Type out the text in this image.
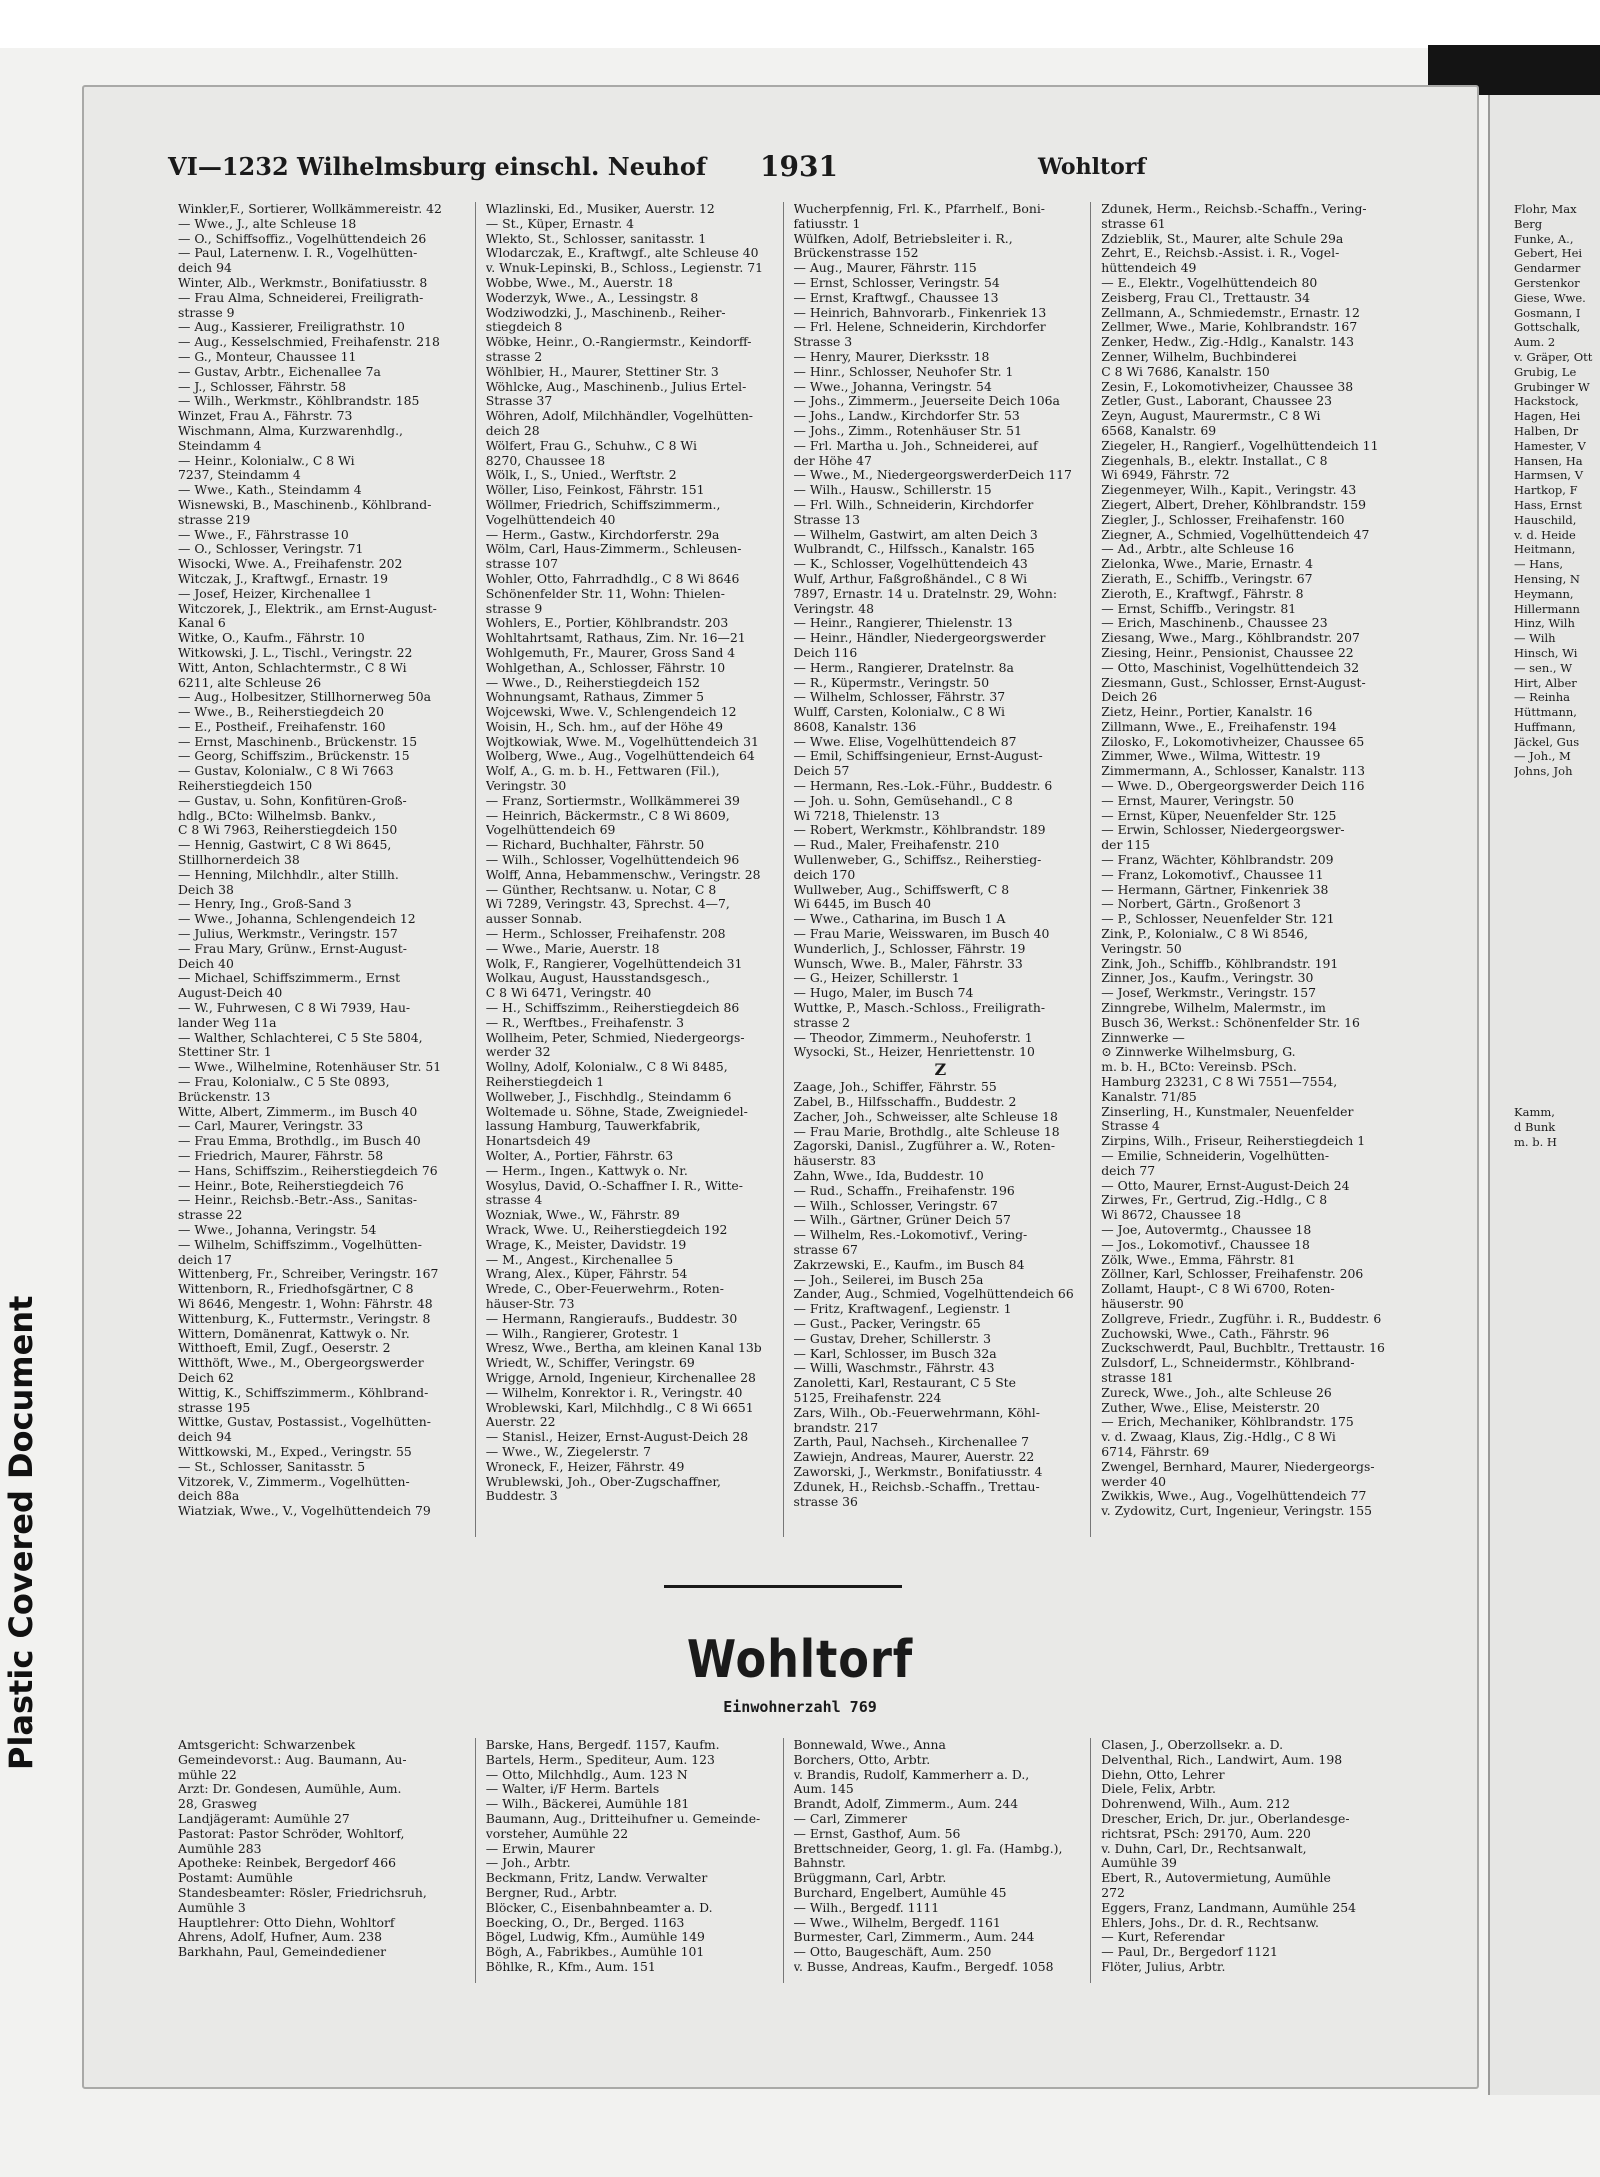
Plastic Covered Document
VI—1232 Wilhelmsburg einschl. Neuhof 1931	Wohltorf
Winkler,F., Sortierer, Wollkämmereistr. 42
— Wwe., J., alte Schleuse 18
— O., Schiffsoffiz., Vogelhüttendeich 26
— Paul, Laternenw. I. R., Vogelhütten-
deich 94
Winter, Alb., Werkmstr., Bonifatiusstr. 8
— Frau Alma, Schneiderei, Freiligrath-
strasse 9
— Aug., Kassierer, Freiligrathstr. 10
— Aug., Kesselschmied, Freihafenstr. 218
— G., Monteur, Chaussee 11
— Gustav, Arbtr., Eichenallee 7a
— J., Schlosser, Fährstr. 58
— Wilh., Werkmstr., Köhlbrandstr. 185
Winzet, Frau A., Fährstr. 73
Wischmann, Alma, Kurzwarenhdlg.,
Steindamm 4
— Heinr., Kolonialw., C 8 Wi
7237, Steindamm 4
— Wwe., Kath., Steindamm 4
Wisnewski, B., Maschinenb., Köhlbrand-
strasse 219
— Wwe., F., Fährstrasse 10
— O., Schlosser, Veringstr. 71
Wisocki, Wwe. A., Freihafenstr. 202
Witczak, J., Kraftwgf., Ernastr. 19
— Josef, Heizer, Kirchenallee 1
Witczorek, J., Elektrik., am Ernst-August-
Kanal 6
Witke, O., Kaufm., Fährstr. 10
Witkowski, J. L., Tischl., Veringstr. 22
Witt, Anton, Schlachtermstr., C 8 Wi
6211, alte Schleuse 26
— Aug., Holbesitzer, Stillhornerweg 50a
— Wwe., B., Reiherstiegdeich 20
— E., Postheif., Freihafenstr. 160
— Ernst, Maschinenb., Brückenstr. 15
— Georg, Schiffszim., Brückenstr. 15
— Gustav, Kolonialw., C 8 Wi 7663
Reiherstiegdeich 150
— Gustav, u. Sohn, Konfitüren-Groß-
hdlg., BCto: Wilhelmsb. Bankv.,
C 8 Wi 7963, Reiherstiegdeich 150
— Hennig, Gastwirt, C 8 Wi 8645,
Stillhornerdeich 38
— Henning, Milchhdlr., alter Stillh.
Deich 38
— Henry, Ing., Groß-Sand 3
— Wwe., Johanna, Schlengendeich 12
— Julius, Werkmstr., Veringstr. 157
— Frau Mary, Grünw., Ernst-August-
Deich 40
— Michael, Schiffszimmerm., Ernst
August-Deich 40
— W., Fuhrwesen, C 8 Wi 7939, Hau-
lander Weg 11a
— Walther, Schlachterei, C 5 Ste 5804,
Stettiner Str. 1
— Wwe., Wilhelmine, Rotenhäuser Str. 51
— Frau, Kolonialw., C 5 Ste 0893,
Brückenstr. 13
Witte, Albert, Zimmerm., im Busch 40
— Carl, Maurer, Veringstr. 33
— Frau Emma, Brothdlg., im Busch 40
— Friedrich, Maurer, Fährstr. 58
— Hans, Schiffszim., Reiherstiegdeich 76
— Heinr., Bote, Reiherstiegdeich 76
— Heinr., Reichsb.-Betr.-Ass., Sanitas-
strasse 22
— Wwe., Johanna, Veringstr. 54
— Wilhelm, Schiffszimm., Vogelhütten-
deich 17
Wittenberg, Fr., Schreiber, Veringstr. 167
Wittenborn, R., Friedhofsgärtner, C 8
Wi 8646, Mengestr. 1, Wohn: Fährstr. 48
Wittenburg, K., Futtermstr., Veringstr. 8
Wittern, Domänenrat, Kattwyk o. Nr.
Witthoeft, Emil, Zugf., Oeserstr. 2
Witthöft, Wwe., M., Obergeorgswerder
Deich 62
Wittig, K., Schiffszimmerm., Köhlbrand-
strasse 195
Wittke, Gustav, Postassist., Vogelhütten-
deich 94
Wittkowski, M., Exped., Veringstr. 55
— St., Schlosser, Sanitasstr. 5
Vitzorek, V., Zimmerm., Vogelhütten-
deich 88a
Wiatziak, Wwe., V., Vogelhüttendeich 79
Wlazlinski, Ed., Musiker, Auerstr. 12
— St., Küper, Ernastr. 4
Wlekto, St., Schlosser, sanitasstr. 1
Wlodarczak, E., Kraftwgf., alte Schleuse 40
v. Wnuk-Lepinski, B., Schloss., Legienstr. 71
Wobbe, Wwe., M., Auerstr. 18
Woderzyk, Wwe., A., Lessingstr. 8
Wodziwodzki, J., Maschinenb., Reiher-
stiegdeich 8
Wöbke, Heinr., O.-Rangiermstr., Keindorff-
strasse 2
Wöhlbier, H., Maurer, Stettiner Str. 3
Wöhlcke, Aug., Maschinenb., Julius Ertel-
Strasse 37
Wöhren, Adolf, Milchhändler, Vogelhütten-
deich 28
Wölfert, Frau G., Schuhw., C 8 Wi
8270, Chaussee 18
Wölk, I., S., Unied., Werftstr. 2
Wöller, Liso, Feinkost, Fährstr. 151
Wöllmer, Friedrich, Schiffszimmerm.,
Vogelhüttendeich 40
— Herm., Gastw., Kirchdorferstr. 29a
Wölm, Carl, Haus-Zimmerm., Schleusen-
strasse 107
Wohler, Otto, Fahrradhdlg., C 8 Wi 8646
Schönenfelder Str. 11, Wohn: Thielen-
strasse 9
Wohlers, E., Portier, Köhlbrandstr. 203
Wohltahrtsamt, Rathaus, Zim. Nr. 16—21
Wohlgemuth, Fr., Maurer, Gross Sand 4
Wohlgethan, A., Schlosser, Fährstr. 10
— Wwe., D., Reiherstiegdeich 152
Wohnungsamt, Rathaus, Zimmer 5
Wojcewski, Wwe. V., Schlengendeich 12
Woisin, H., Sch. hm., auf der Höhe 49
Wojtkowiak, Wwe. M., Vogelhüttendeich 31
Wolberg, Wwe., Aug., Vogelhüttendeich 64
Wolf, A., G. m. b. H., Fettwaren (Fil.),
Veringstr. 30
— Franz, Sortiermstr., Wollkämmerei 39
— Heinrich, Bäckermstr., C 8 Wi 8609,
Vogelhüttendeich 69
— Richard, Buchhalter, Fährstr. 50
— Wilh., Schlosser, Vogelhüttendeich 96
Wolff, Anna, Hebammenschw., Veringstr. 28
— Günther, Rechtsanw. u. Notar, C 8
Wi 7289, Veringstr. 43, Sprechst. 4—7,
ausser Sonnab.
— Herm., Schlosser, Freihafenstr. 208
— Wwe., Marie, Auerstr. 18
Wolk, F., Rangierer, Vogelhüttendeich 31
Wolkau, August, Hausstandsgesch.,
C 8 Wi 6471, Veringstr. 40
— H., Schiffszimm., Reiherstiegdeich 86
— R., Werftbes., Freihafenstr. 3
Wollheim, Peter, Schmied, Niedergeorgs-
werder 32
Wollny, Adolf, Kolonialw., C 8 Wi 8485,
Reiherstiegdeich 1
Wollweber, J., Fischhdlg., Steindamm 6
Woltemade u. Söhne, Stade, Zweigniedel-
lassung Hamburg, Tauwerkfabrik,
Honartsdeich 49
Wolter, A., Portier, Fährstr. 63
— Herm., Ingen., Kattwyk o. Nr.
Wosylus, David, O.-Schaffner I. R., Witte-
strasse 4
Wozniak, Wwe., W., Fährstr. 89
Wrack, Wwe. U., Reiherstiegdeich 192
Wrage, K., Meister, Davidstr. 19
— M., Angest., Kirchenallee 5
Wrang, Alex., Küper, Fährstr. 54
Wrede, C., Ober-Feuerwehrm., Roten-
häuser-Str. 73
— Hermann, Rangieraufs., Buddestr. 30
— Wilh., Rangierer, Grotestr. 1
Wresz, Wwe., Bertha, am kleinen Kanal 13b
Wriedt, W., Schiffer, Veringstr. 69
Wrigge, Arnold, Ingenieur, Kirchenallee 28
— Wilhelm, Konrektor i. R., Veringstr. 40
Wroblewski, Karl, Milchhdlg., C 8 Wi 6651
Auerstr. 22
— Stanisl., Heizer, Ernst-August-Deich 28
— Wwe., W., Ziegelerstr. 7
Wroneck, F., Heizer, Fährstr. 49
Wrublewski, Joh., Ober-Zugschaffner,
Buddestr. 3
Wucherpfennig, Frl. K., Pfarrhelf., Boni-
fatiusstr. 1
Wülfken, Adolf, Betriebsleiter i. R.,
Brückenstrasse 152
— Aug., Maurer, Fährstr. 115
— Ernst, Schlosser, Veringstr. 54
— Ernst, Kraftwgf., Chaussee 13
— Heinrich, Bahnvorarb., Finkenriek 13
— Frl. Helene, Schneiderin, Kirchdorfer
Strasse 3
— Henry, Maurer, Dierksstr. 18
— Hinr., Schlosser, Neuhofer Str. 1
— Wwe., Johanna, Veringstr. 54
— Johs., Zimmerm., Jeuerseite Deich 106a
— Johs., Landw., Kirchdorfer Str. 53
— Johs., Zimm., Rotenhäuser Str. 51
— Frl. Martha u. Joh., Schneiderei, auf
der Höhe 47
— Wwe., M., NiedergeorgswerderDeich 117
— Wilh., Hausw., Schillerstr. 15
— Frl. Wilh., Schneiderin, Kirchdorfer
Strasse 13
— Wilhelm, Gastwirt, am alten Deich 3
Wulbrandt, C., Hilfssch., Kanalstr. 165
— K., Schlosser, Vogelhüttendeich 43
Wulf, Arthur, Faßgroßhändel., C 8 Wi
7897, Ernastr. 14 u. Dratelnstr. 29, Wohn:
Veringstr. 48
— Heinr., Rangierer, Thielenstr. 13
— Heinr., Händler, Niedergeorgswerder
Deich 116
— Herm., Rangierer, Dratelnstr. 8a
— R., Küpermstr., Veringstr. 50
— Wilhelm, Schlosser, Fährstr. 37
Wulff, Carsten, Kolonialw., C 8 Wi
8608, Kanalstr. 136
— Wwe. Elise, Vogelhüttendeich 87
— Emil, Schiffsingenieur, Ernst-August-
Deich 57
— Hermann, Res.-Lok.-Führ., Buddestr. 6
— Joh. u. Sohn, Gemüsehandl., C 8
Wi 7218, Thielenstr. 13
— Robert, Werkmstr., Köhlbrandstr. 189
— Rud., Maler, Freihafenstr. 210
Wullenweber, G., Schiffsz., Reiherstieg-
deich 170
Wullweber, Aug., Schiffswerft, C 8
Wi 6445, im Busch 40
— Wwe., Catharina, im Busch 1 A
— Frau Marie, Weisswaren, im Busch 40
Wunderlich, J., Schlosser, Fährstr. 19
Wunsch, Wwe. B., Maler, Fährstr. 33
— G., Heizer, Schillerstr. 1
— Hugo, Maler, im Busch 74
Wuttke, P., Masch.-Schloss., Freiligrath-
strasse 2
— Theodor, Zimmerm., Neuhoferstr. 1
Wysocki, St., Heizer, Henriettenstr. 10
Z
Zaage, Joh., Schiffer, Fährstr. 55
Zabel, B., Hilfsschaffn., Buddestr. 2
Zacher, Joh., Schweisser, alte Schleuse 18
— Frau Marie, Brothdlg., alte Schleuse 18
Zagorski, Danisl., Zugführer a. W., Roten-
häuserstr. 83
Zahn, Wwe., Ida, Buddestr. 10
— Rud., Schaffn., Freihafenstr. 196
— Wilh., Schlosser, Veringstr. 67
— Wilh., Gärtner, Grüner Deich 57
— Wilhelm, Res.-Lokomotivf., Vering-
strasse 67
Zakrzewski, E., Kaufm., im Busch 84
— Joh., Seilerei, im Busch 25a
Zander, Aug., Schmied, Vogelhüttendeich 66
— Fritz, Kraftwagenf., Legienstr. 1
— Gust., Packer, Veringstr. 65
— Gustav, Dreher, Schillerstr. 3
— Karl, Schlosser, im Busch 32a
— Willi, Waschmstr., Fährstr. 43
Zanoletti, Karl, Restaurant, C 5 Ste
5125, Freihafenstr. 224
Zars, Wilh., Ob.-Feuerwehrmann, Köhl-
brandstr. 217
Zarth, Paul, Nachseh., Kirchenallee 7
Zawiejn, Andreas, Maurer, Auerstr. 22
Zaworski, J., Werkmstr., Bonifatiusstr. 4
Zdunek, H., Reichsb.-Schaffn., Trettau-
strasse 36
Zdunek, Herm., Reichsb.-Schaffn., Vering-
strasse 61
Zdzieblik, St., Maurer, alte Schule 29a
Zehrt, E., Reichsb.-Assist. i. R., Vogel-
hüttendeich 49
— E., Elektr., Vogelhüttendeich 80
Zeisberg, Frau Cl., Trettaustr. 34
Zellmann, A., Schmiedemstr., Ernastr. 12
Zellmer, Wwe., Marie, Kohlbrandstr. 167
Zenker, Hedw., Zig.-Hdlg., Kanalstr. 143
Zenner, Wilhelm, Buchbinderei
C 8 Wi 7686, Kanalstr. 150
Zesin, F., Lokomotivheizer, Chaussee 38
Zetler, Gust., Laborant, Chaussee 23
Zeyn, August, Maurermstr., C 8 Wi
6568, Kanalstr. 69
Ziegeler, H., Rangierf., Vogelhüttendeich 11
Ziegenhals, B., elektr. Installat., C 8
Wi 6949, Fährstr. 72
Ziegenmeyer, Wilh., Kapit., Veringstr. 43
Ziegert, Albert, Dreher, Köhlbrandstr. 159
Ziegler, J., Schlosser, Freihafenstr. 160
Ziegner, A., Schmied, Vogelhüttendeich 47
— Ad., Arbtr., alte Schleuse 16
Zielonka, Wwe., Marie, Ernastr. 4
Zierath, E., Schiffb., Veringstr. 67
Zieroth, E., Kraftwgf., Fährstr. 8
— Ernst, Schiffb., Veringstr. 81
— Erich, Maschinenb., Chaussee 23
Ziesang, Wwe., Marg., Köhlbrandstr. 207
Ziesing, Heinr., Pensionist, Chaussee 22
— Otto, Maschinist, Vogelhüttendeich 32
Ziesmann, Gust., Schlosser, Ernst-August-
Deich 26
Zietz, Heinr., Portier, Kanalstr. 16
Zillmann, Wwe., E., Freihafenstr. 194
Zilosko, F., Lokomotivheizer, Chaussee 65
Zimmer, Wwe., Wilma, Wittestr. 19
Zimmermann, A., Schlosser, Kanalstr. 113
— Wwe. D., Obergeorgswerder Deich 116
— Ernst, Maurer, Veringstr. 50
— Ernst, Küper, Neuenfelder Str. 125
— Erwin, Schlosser, Niedergeorgswer-
der 115
— Franz, Wächter, Köhlbrandstr. 209
— Franz, Lokomotivf., Chaussee 11
— Hermann, Gärtner, Finkenriek 38
— Norbert, Gärtn., Großenort 3
— P., Schlosser, Neuenfelder Str. 121
Zink, P., Kolonialw., C 8 Wi 8546,
Veringstr. 50
Zink, Joh., Schiffb., Köhlbrandstr. 191
Zinner, Jos., Kaufm., Veringstr. 30
— Josef, Werkmstr., Veringstr. 157
Zinngrebe, Wilhelm, Malermstr., im
Busch 36, Werkst.: Schönenfelder Str. 16
Zinnwerke —
⊙ Zinnwerke Wilhelmsburg, G.
m. b. H., BCto: Vereinsb. PSch.
Hamburg 23231, C 8 Wi 7551—7554,
Kanalstr. 71/85
Zinserling, H., Kunstmaler, Neuenfelder
Strasse 4
Zirpins, Wilh., Friseur, Reiherstiegdeich 1
— Emilie, Schneiderin, Vogelhütten-
deich 77
— Otto, Maurer, Ernst-August-Deich 24
Zirwes, Fr., Gertrud, Zig.-Hdlg., C 8
Wi 8672, Chaussee 18
— Joe, Autovermtg., Chaussee 18
— Jos., Lokomotivf., Chaussee 18
Zölk, Wwe., Emma, Fährstr. 81
Zöllner, Karl, Schlosser, Freihafenstr. 206
Zollamt, Haupt-, C 8 Wi 6700, Roten-
häuserstr. 90
Zollgreve, Friedr., Zugführ. i. R., Buddestr. 6
Zuchowski, Wwe., Cath., Fährstr. 96
Zuckschwerdt, Paul, Buchbltr., Trettaustr. 16
Zulsdorf, L., Schneidermstr., Köhlbrand-
strasse 181
Zureck, Wwe., Joh., alte Schleuse 26
Zuther, Wwe., Elise, Meisterstr. 20
— Erich, Mechaniker, Köhlbrandstr. 175
v. d. Zwaag, Klaus, Zig.-Hdlg., C 8 Wi
6714, Fährstr. 69
Zwengel, Bernhard, Maurer, Niedergeorgs-
werder 40
Zwikkis, Wwe., Aug., Vogelhüttendeich 77
v. Zydowitz, Curt, Ingenieur, Veringstr. 155
Wohltorf
Einwohnerzahl 769
Amtsgericht: Schwarzenbek
Gemeindevorst.: Aug. Baumann, Au-
mühle 22
Arzt: Dr. Gondesen, Aumühle, Aum.
28, Grasweg
Landjägeramt: Aumühle 27
Pastorat: Pastor Schröder, Wohltorf,
Aumühle 283
Apotheke: Reinbek, Bergedorf 466
Postamt: Aumühle
Standesbeamter: Rösler, Friedrichsruh,
Aumühle 3
Hauptlehrer: Otto Diehn, Wohltorf
Ahrens, Adolf, Hufner, Aum. 238
Barkhahn, Paul, Gemeindediener
Barske, Hans, Bergedf. 1157, Kaufm.
Bartels, Herm., Spediteur, Aum. 123
— Otto, Milchhdlg., Aum. 123 N
— Walter, i/F Herm. Bartels
— Wilh., Bäckerei, Aumühle 181
Baumann, Aug., Dritteihufner u. Gemeinde-
vorsteher, Aumühle 22
— Erwin, Maurer
— Joh., Arbtr.
Beckmann, Fritz, Landw. Verwalter
Bergner, Rud., Arbtr.
Blöcker, C., Eisenbahnbeamter a. D.
Boecking, O., Dr., Berged. 1163
Bögel, Ludwig, Kfm., Aumühle 149
Bögh, A., Fabrikbes., Aumühle 101
Böhlke, R., Kfm., Aum. 151
Bonnewald, Wwe., Anna
Borchers, Otto, Arbtr.
v. Brandis, Rudolf, Kammerherr a. D.,
Aum. 145
Brandt, Adolf, Zimmerm., Aum. 244
— Carl, Zimmerer
— Ernst, Gasthof, Aum. 56
Brettschneider, Georg, 1. gl. Fa. (Hambg.),
Bahnstr.
Brüggmann, Carl, Arbtr.
Burchard, Engelbert, Aumühle 45
— Wilh., Bergedf. 1111
— Wwe., Wilhelm, Bergedf. 1161
Burmester, Carl, Zimmerm., Aum. 244
— Otto, Baugeschäft, Aum. 250
v. Busse, Andreas, Kaufm., Bergedf. 1058
Clasen, J., Oberzollsekr. a. D.
Delventhal, Rich., Landwirt, Aum. 198
Diehn, Otto, Lehrer
Diele, Felix, Arbtr.
Dohrenwend, Wilh., Aum. 212
Drescher, Erich, Dr. jur., Oberlandesge-
richtsrat, PSch: 29170, Aum. 220
v. Duhn, Carl, Dr., Rechtsanwalt,
Aumühle 39
Ebert, R., Autovermietung, Aumühle
272
Eggers, Franz, Landmann, Aumühle 254
Ehlers, Johs., Dr. d. R., Rechtsanw.
— Kurt, Referendar
— Paul, Dr., Bergedorf 1121
Flöter, Julius, Arbtr.
Flohr, Max
Berg
Funke, A.,
Gebert, Hei
Gendarmer
Gerstenkor
Giese, Wwe.
Gosmann, I
Gottschalk,
Aum. 2
v. Gräper, Ott
Grubig, Le
Grubinger W
Hackstock,
Hagen, Hei
Halben, Dr
Hamester, V
Hansen, Ha
Harmsen, V
Hartkop, F
Hass, Ernst
Hauschild,
v. d. Heide
Heitmann,
— Hans,
Hensing, N
Heymann,
Hillermann
Hinz, Wilh
— Wilh
Hinsch, Wi
— sen., W
Hirt, Alber
— Reinha
Hüttmann,
Huffmann,
Jäckel, Gus
— Joh., M
Johns, Joh
Kamm,
d Bunk
m. b. H
